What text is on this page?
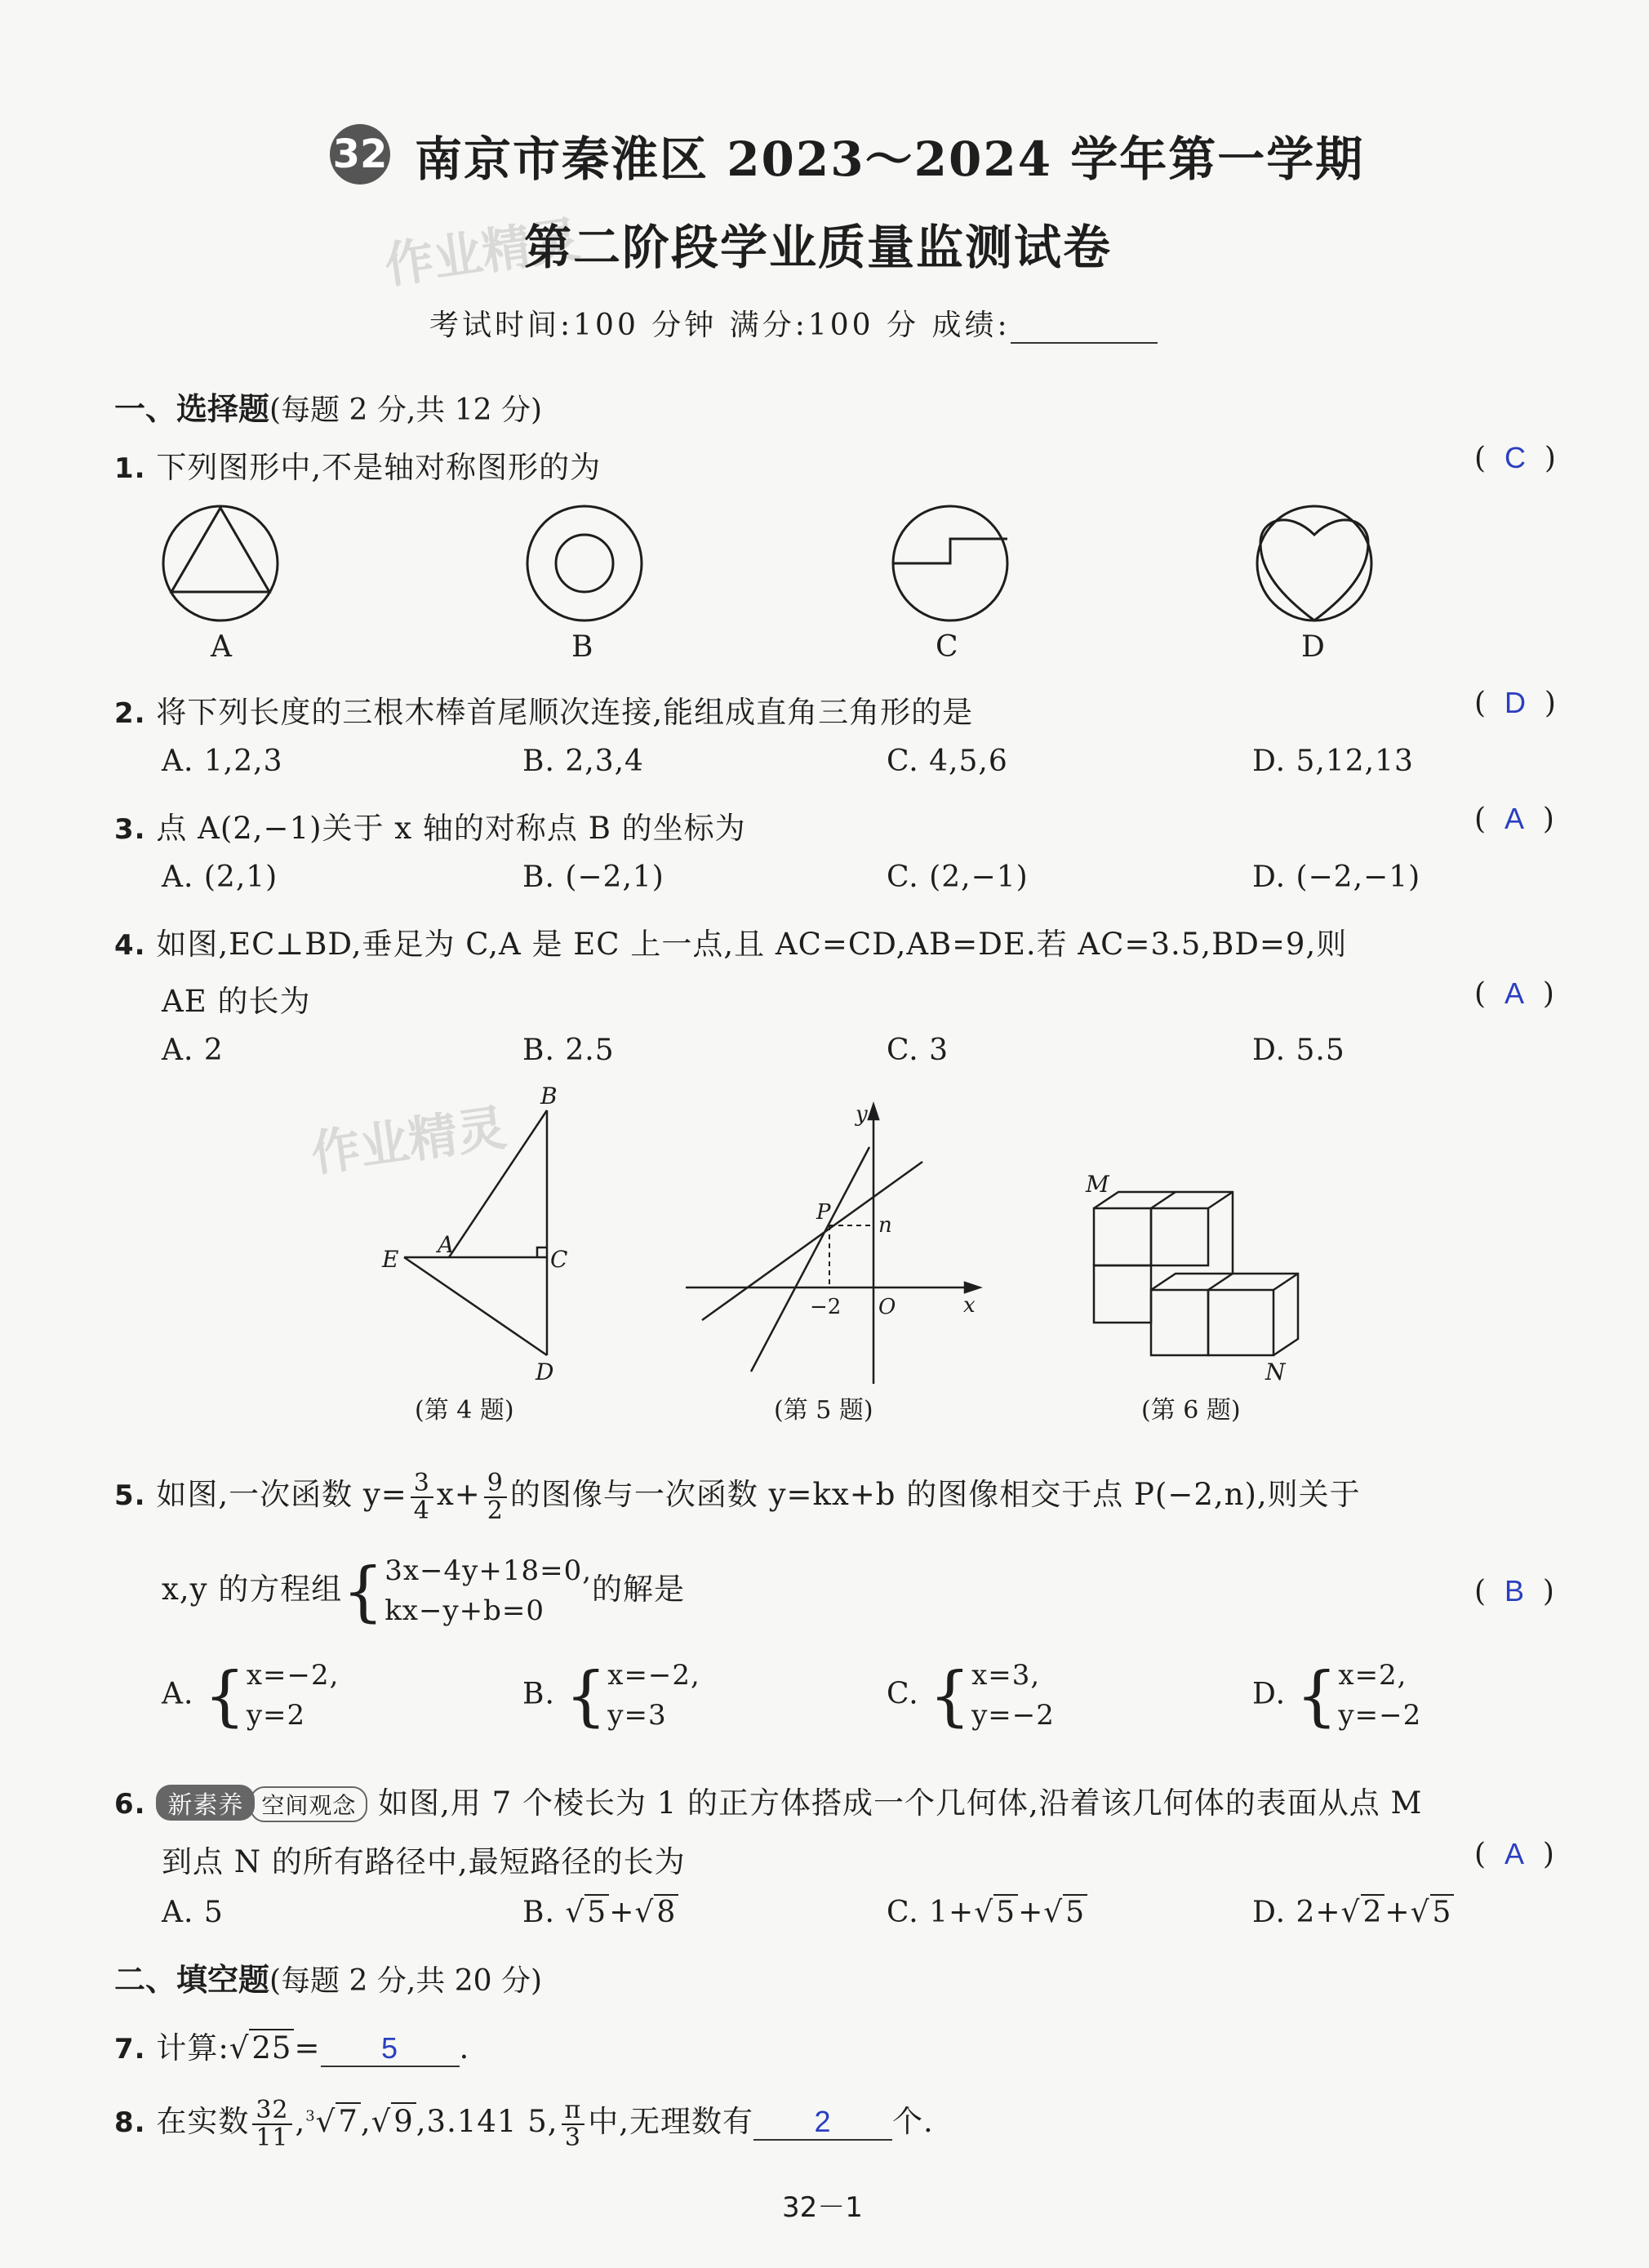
32 南京市秦淮区 2023～2024 学年第一学期
作业精灵
第二阶段学业质量监测试卷
考试时间:100 分钟 满分:100 分 成绩:
一、选择题(每题 2 分,共 12 分)
1. 下列图形中,不是轴对称图形的为	(  C  )
A	B	C	D
2. 将下列长度的三根木棒首尾顺次连接,能组成直角三角形的是	(  D  )
A. 1,2,3	B. 2,3,4	C. 4,5,6	D. 5,12,13
3. 点 A(2,−1)关于 x 轴的对称点 B 的坐标为	(  A  )
A. (2,1)	B. (−2,1)	C. (2,−1)	D. (−2,−1)
4. 如图,EC⊥BD,垂足为 C,A 是 EC 上一点,且 AC=CD,AB=DE.若 AC=3.5,BD=9,则
AE 的长为	(  A  )
A. 2	B. 2.5	C. 3	D. 5.5
作业精灵
B
A
C
E
D
(第 4 题)
y
x
P
n
−2 O
(第 5 题)
M
N
(第 6 题)
5. 如图,一次函数 $y= \frac{3}{4} x+ \frac{9}{2}$ 的图像与一次函数 y=kx+b 的图像相交于点 P(−2,n),则关于
x,y 的方程组{ 3x−4y+18=0,
kx−y+b=0
的解是	(  B  )
A. { x=−2,
y=2
B. { x=−2,
y=3
C. { x=3,
y=−2
D. { x=2,
y=−2
6. 新素养 空间观念 如图,用 7 个棱长为 1 的正方体搭成一个几何体,沿着该几何体的表面从点 M
到点 N 的所有路径中,最短路径的长为	(  A  )
A. 5	B. √5+√8	C. 1+√5+√5	D. 2+√2+√5
二、填空题(每题 2 分,共 20 分)
7. 计算:√25= 5 .
8. 在实数 $\frac{32}{11} ,^3√7,√9,3.141$ 5, $\frac{\pi}{3}$ 中,无理数有 2 个.
32－1
